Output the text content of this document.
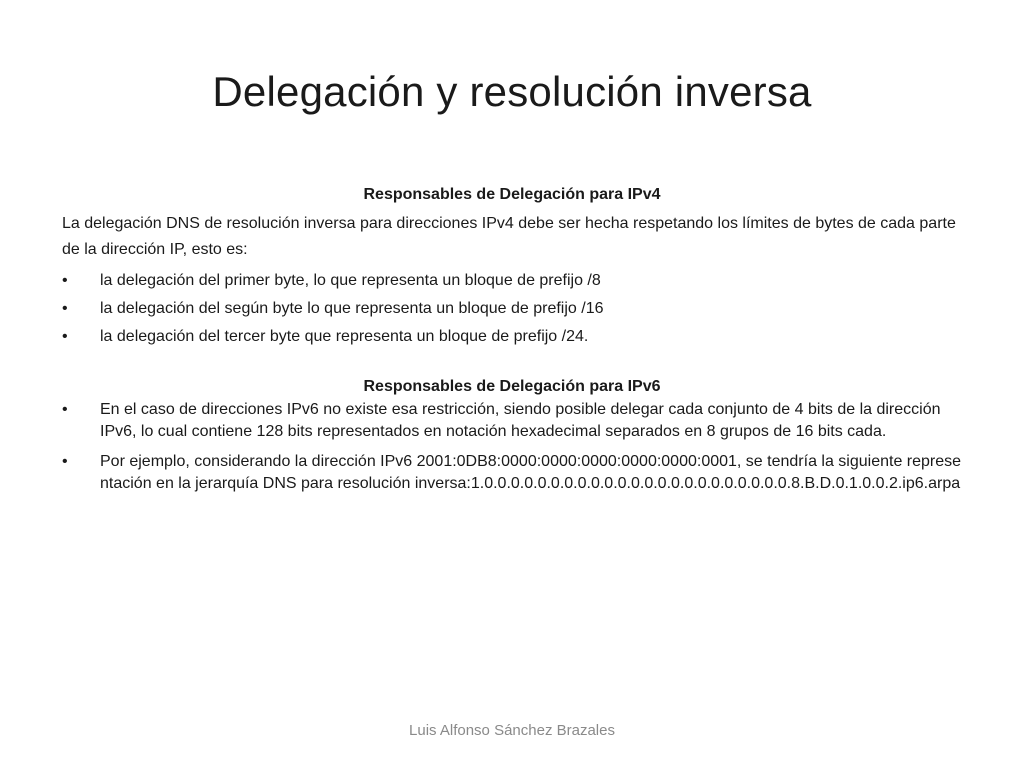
Delegación y resolución inversa
Responsables de Delegación para IPv4
La delegación DNS de resolución inversa para direcciones IPv4 debe ser hecha respetando los límites de bytes de cada parte de la dirección IP, esto es:
•	la delegación del primer byte, lo que representa un bloque de prefijo /8
•	la delegación del según byte lo que representa un bloque de prefijo /16
•	la delegación del tercer byte que representa un bloque de prefijo /24.
Responsables de Delegación para IPv6
•	En el caso de direcciones IPv6 no existe esa restricción, siendo posible delegar cada conjunto de 4 bits de la dirección IPv6, lo cual contiene 128 bits representados en notación hexadecimal separados en 8 grupos de 16 bits cada.
•	Por ejemplo, considerando la dirección IPv6 2001:0DB8:0000:0000:0000:0000:0000:0001, se tendría la siguiente representación en la jerarquía DNS para resolución inversa:1.0.0.0.0.0.0.0.0.0.0.0.0.0.0.0.0.0.0.0.0.0.0.0.8.B.D.0.1.0.0.2.ip6.arpa
Luis Alfonso Sánchez Brazales
